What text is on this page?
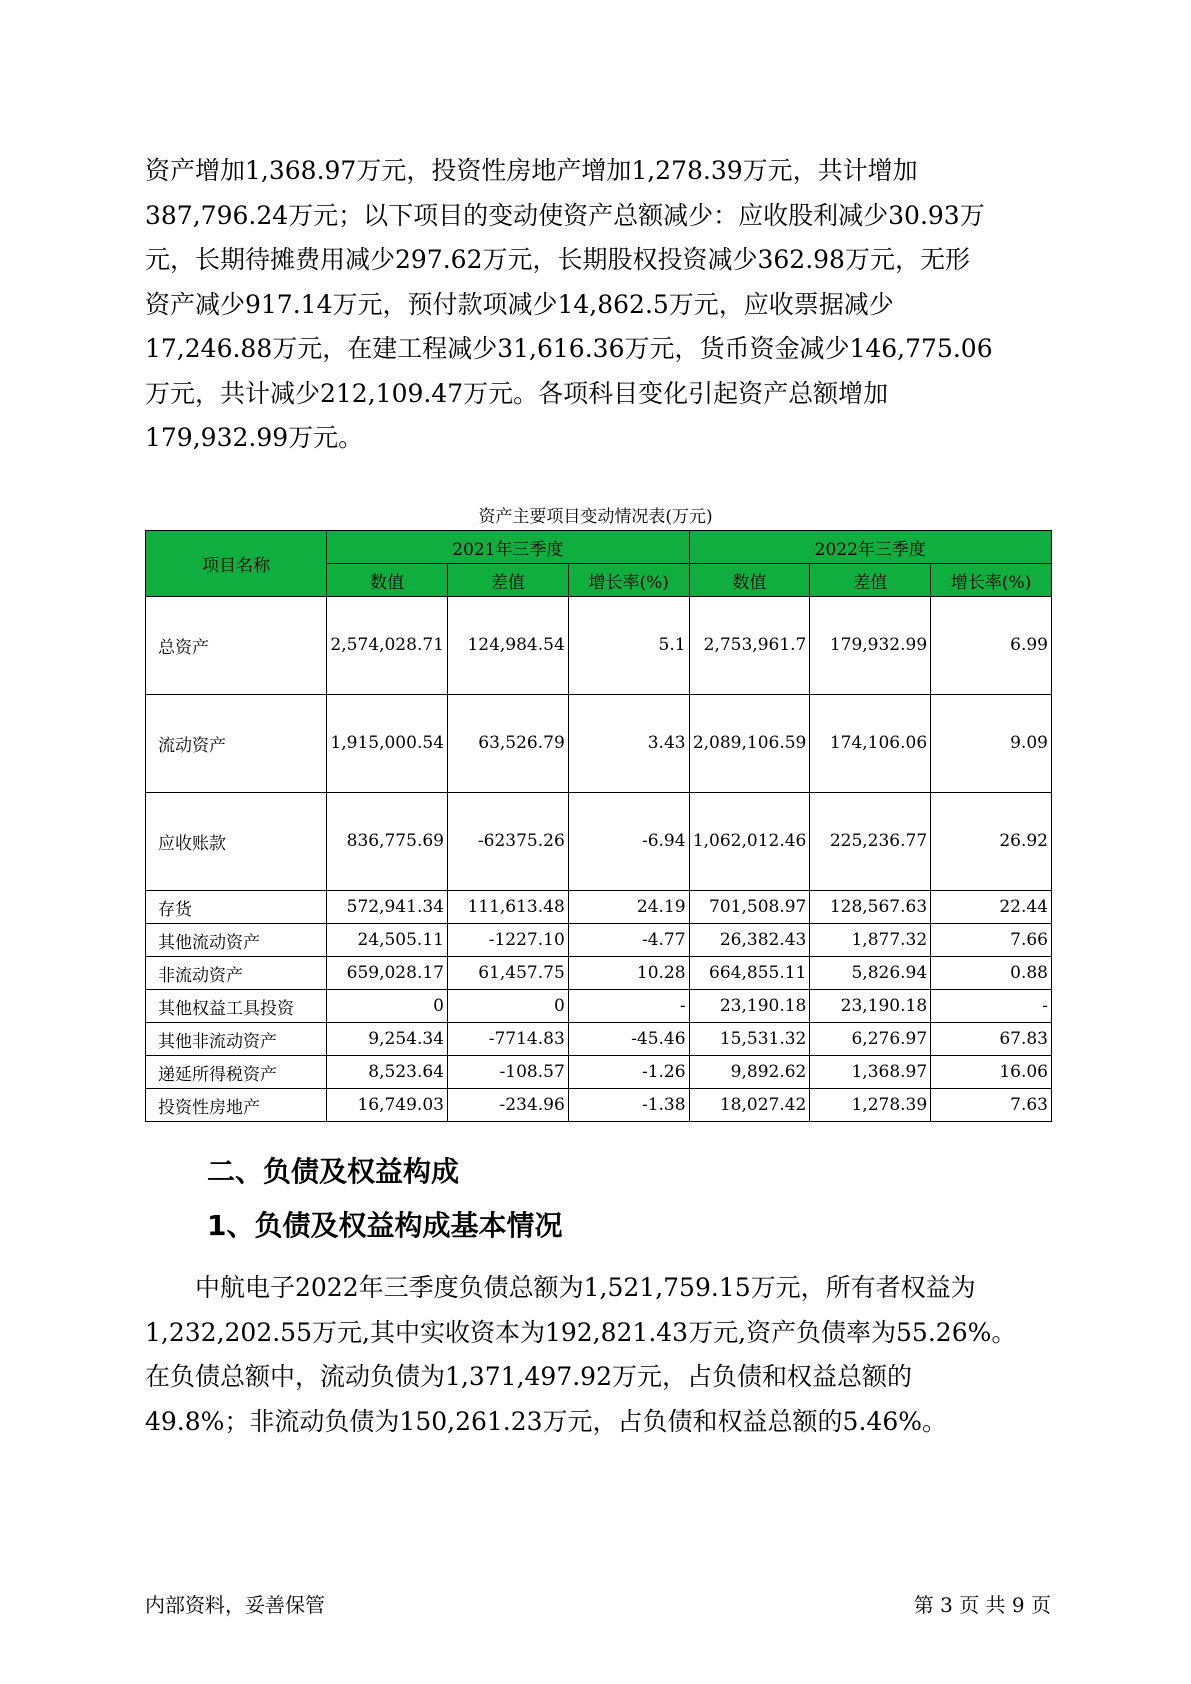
资产增加1,368.97万元，投资性房地产增加1,278.39万元，共计增加
387,796.24万元；以下项目的变动使资产总额减少：应收股利减少30.93万
元，长期待摊费用减少297.62万元，长期股权投资减少362.98万元，无形
资产减少917.14万元，预付款项减少14,862.5万元，应收票据减少
17,246.88万元，在建工程减少31,616.36万元，货币资金减少146,775.06
万元，共计减少212,109.47万元。各项科目变化引起资产总额增加
179,932.99万元。
资产主要项目变动情况表(万元)
项目名称	2021年三季度			2022年三季度		
	数值	差值	增长率(%)	数值	差值	增长率(%)
总资产	2,574,028.71	124,984.54	5.1	2,753,961.7	179,932.99	6.99
流动资产	1,915,000.54	63,526.79	3.43	2,089,106.59	174,106.06	9.09
应收账款	836,775.69	-62375.26	-6.94	1,062,012.46	225,236.77	26.92
存货	572,941.34	111,613.48	24.19	701,508.97	128,567.63	22.44
其他流动资产	24,505.11	-1227.10	-4.77	26,382.43	1,877.32	7.66
非流动资产	659,028.17	61,457.75	10.28	664,855.11	5,826.94	0.88
其他权益工具投资	0	0	-	23,190.18	23,190.18	-
其他非流动资产	9,254.34	-7714.83	-45.46	15,531.32	6,276.97	67.83
递延所得税资产	8,523.64	-108.57	-1.26	9,892.62	1,368.97	16.06
投资性房地产	16,749.03	-234.96	-1.38	18,027.42	1,278.39	7.63
二、负债及权益构成
1、负债及权益构成基本情况
　　中航电子2022年三季度负债总额为1,521,759.15万元，所有者权益为
1,232,202.55万元,其中实收资本为192,821.43万元,资产负债率为55.26%。
在负债总额中，流动负债为1,371,497.92万元，占负债和权益总额的
49.8%；非流动负债为150,261.23万元，占负债和权益总额的5.46%。
内部资料，妥善保管	第 3 页 共 9 页
